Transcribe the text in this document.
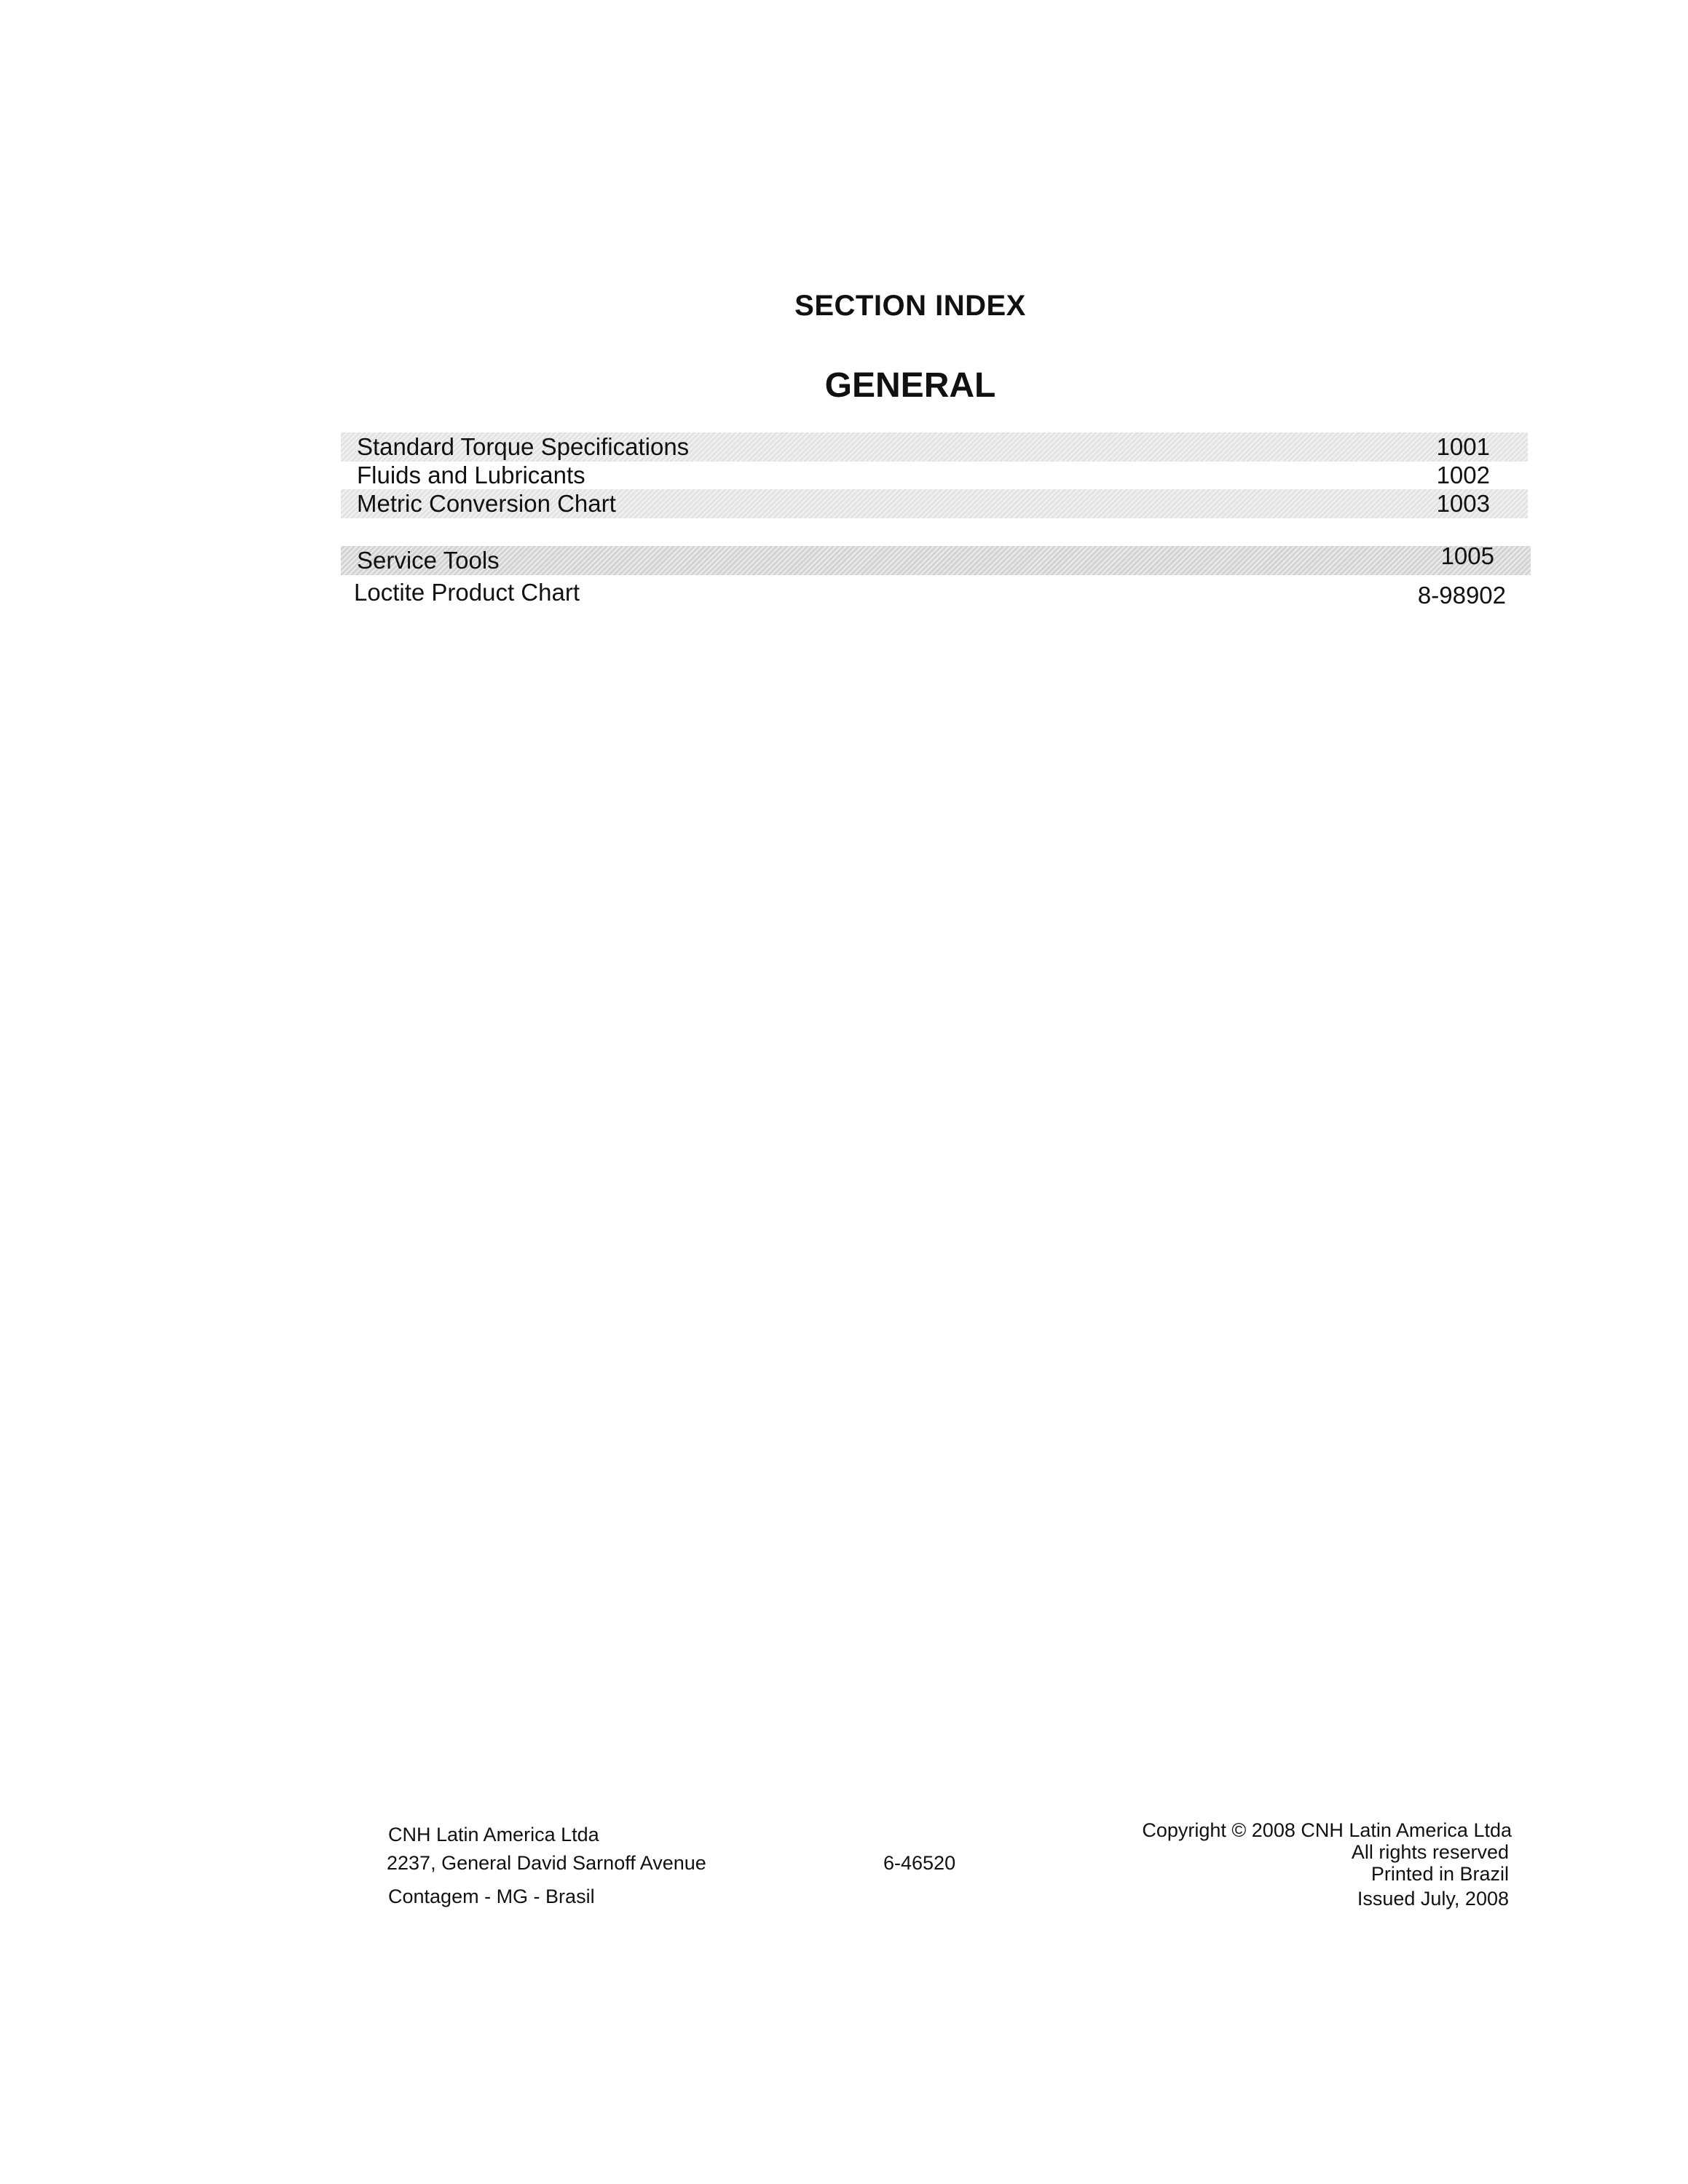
SECTION INDEX
GENERAL
Standard Torque Specifications	1001
Fluids and Lubricants	1002
Metric Conversion Chart	1003
Service Tools	1005
Loctite Product Chart	8-98902
CNH Latin America Ltda
2237, General David Sarnoff Avenue
Contagem - MG - Brasil
6-46520
Copyright © 2008 CNH Latin America Ltda
All rights reserved
Printed in Brazil
Issued July, 2008
